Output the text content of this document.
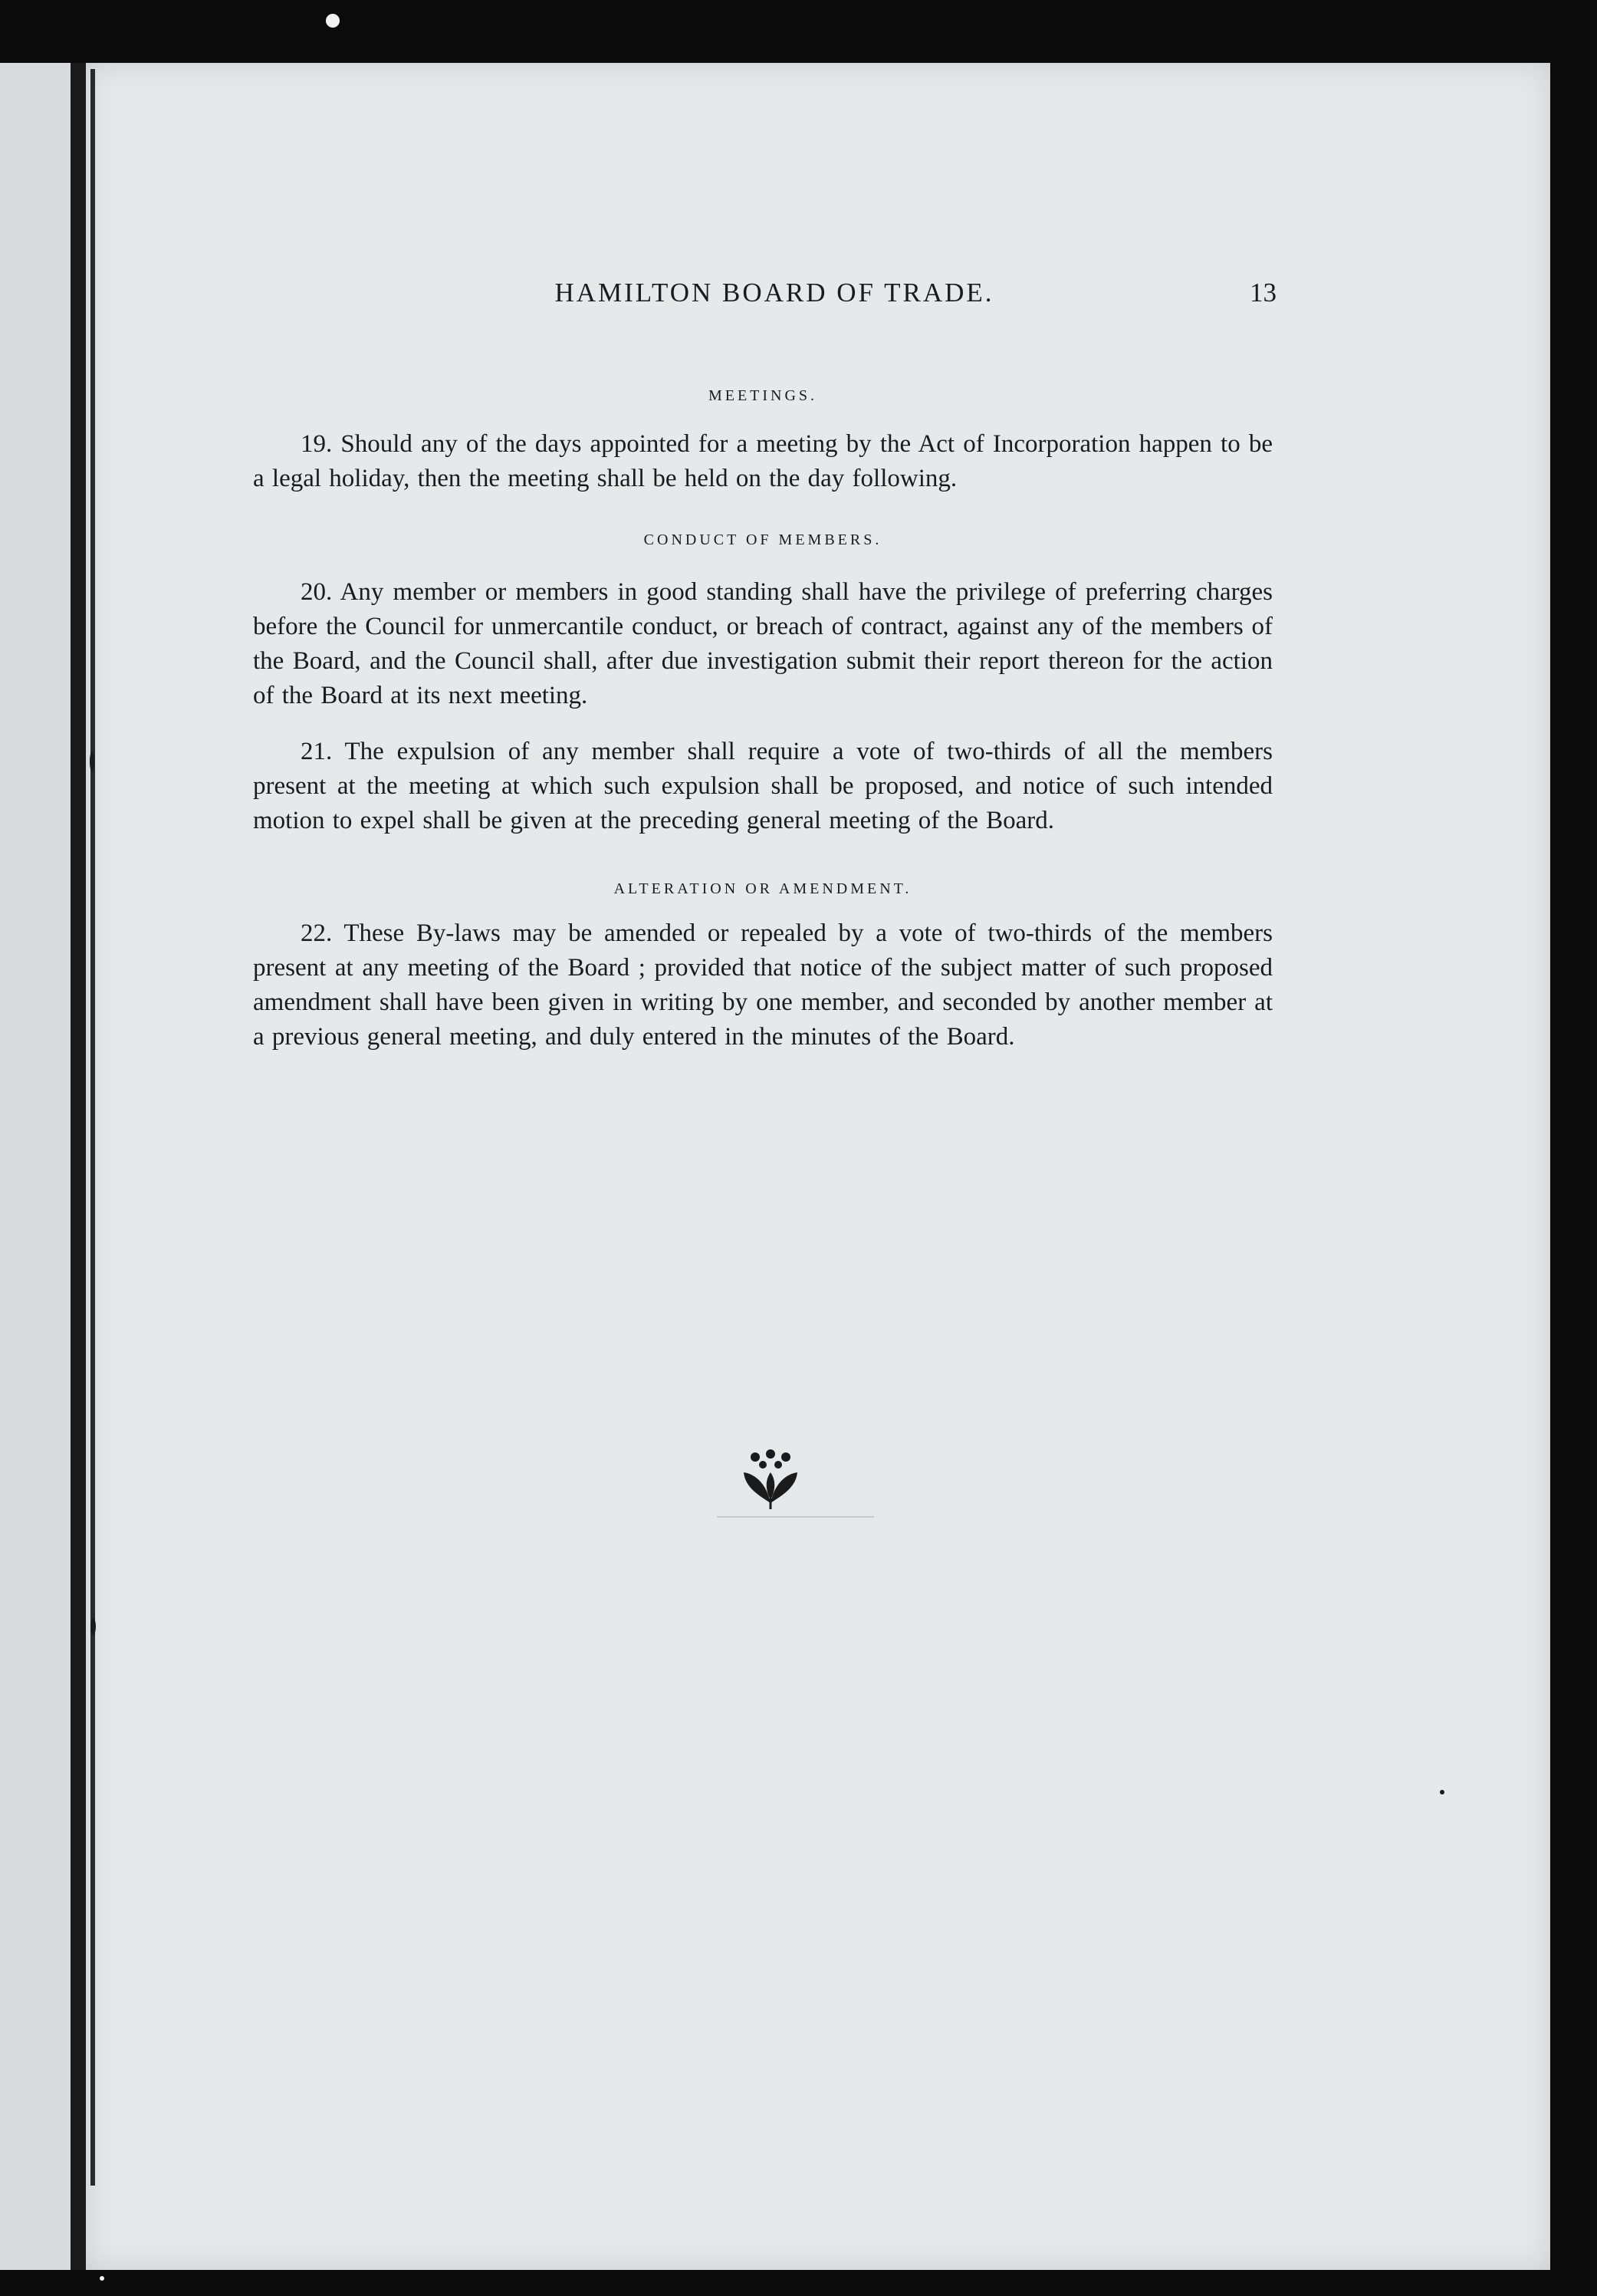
HAMILTON BOARD OF TRADE.	13
MEETINGS.
19. Should any of the days appointed for a meeting by the Act of Incorporation happen to be a legal holiday, then the meeting shall be held on the day following.
CONDUCT OF MEMBERS.
20. Any member or members in good standing shall have the privilege of preferring charges before the Council for unmercantile conduct, or breach of contract, against any of the members of the Board, and the Council shall, after due investigation submit their report thereon for the action of the Board at its next meeting.
21. The expulsion of any member shall require a vote of two-thirds of all the members present at the meeting at which such expulsion shall be proposed, and notice of such intended motion to expel shall be given at the preceding general meeting of the Board.
ALTERATION OR AMENDMENT.
22. These By-laws may be amended or repealed by a vote of two-thirds of the members present at any meeting of the Board ; provided that notice of the subject matter of such proposed amendment shall have been given in writing by one member, and seconded by another member at a previous general meeting, and duly entered in the minutes of the Board.
